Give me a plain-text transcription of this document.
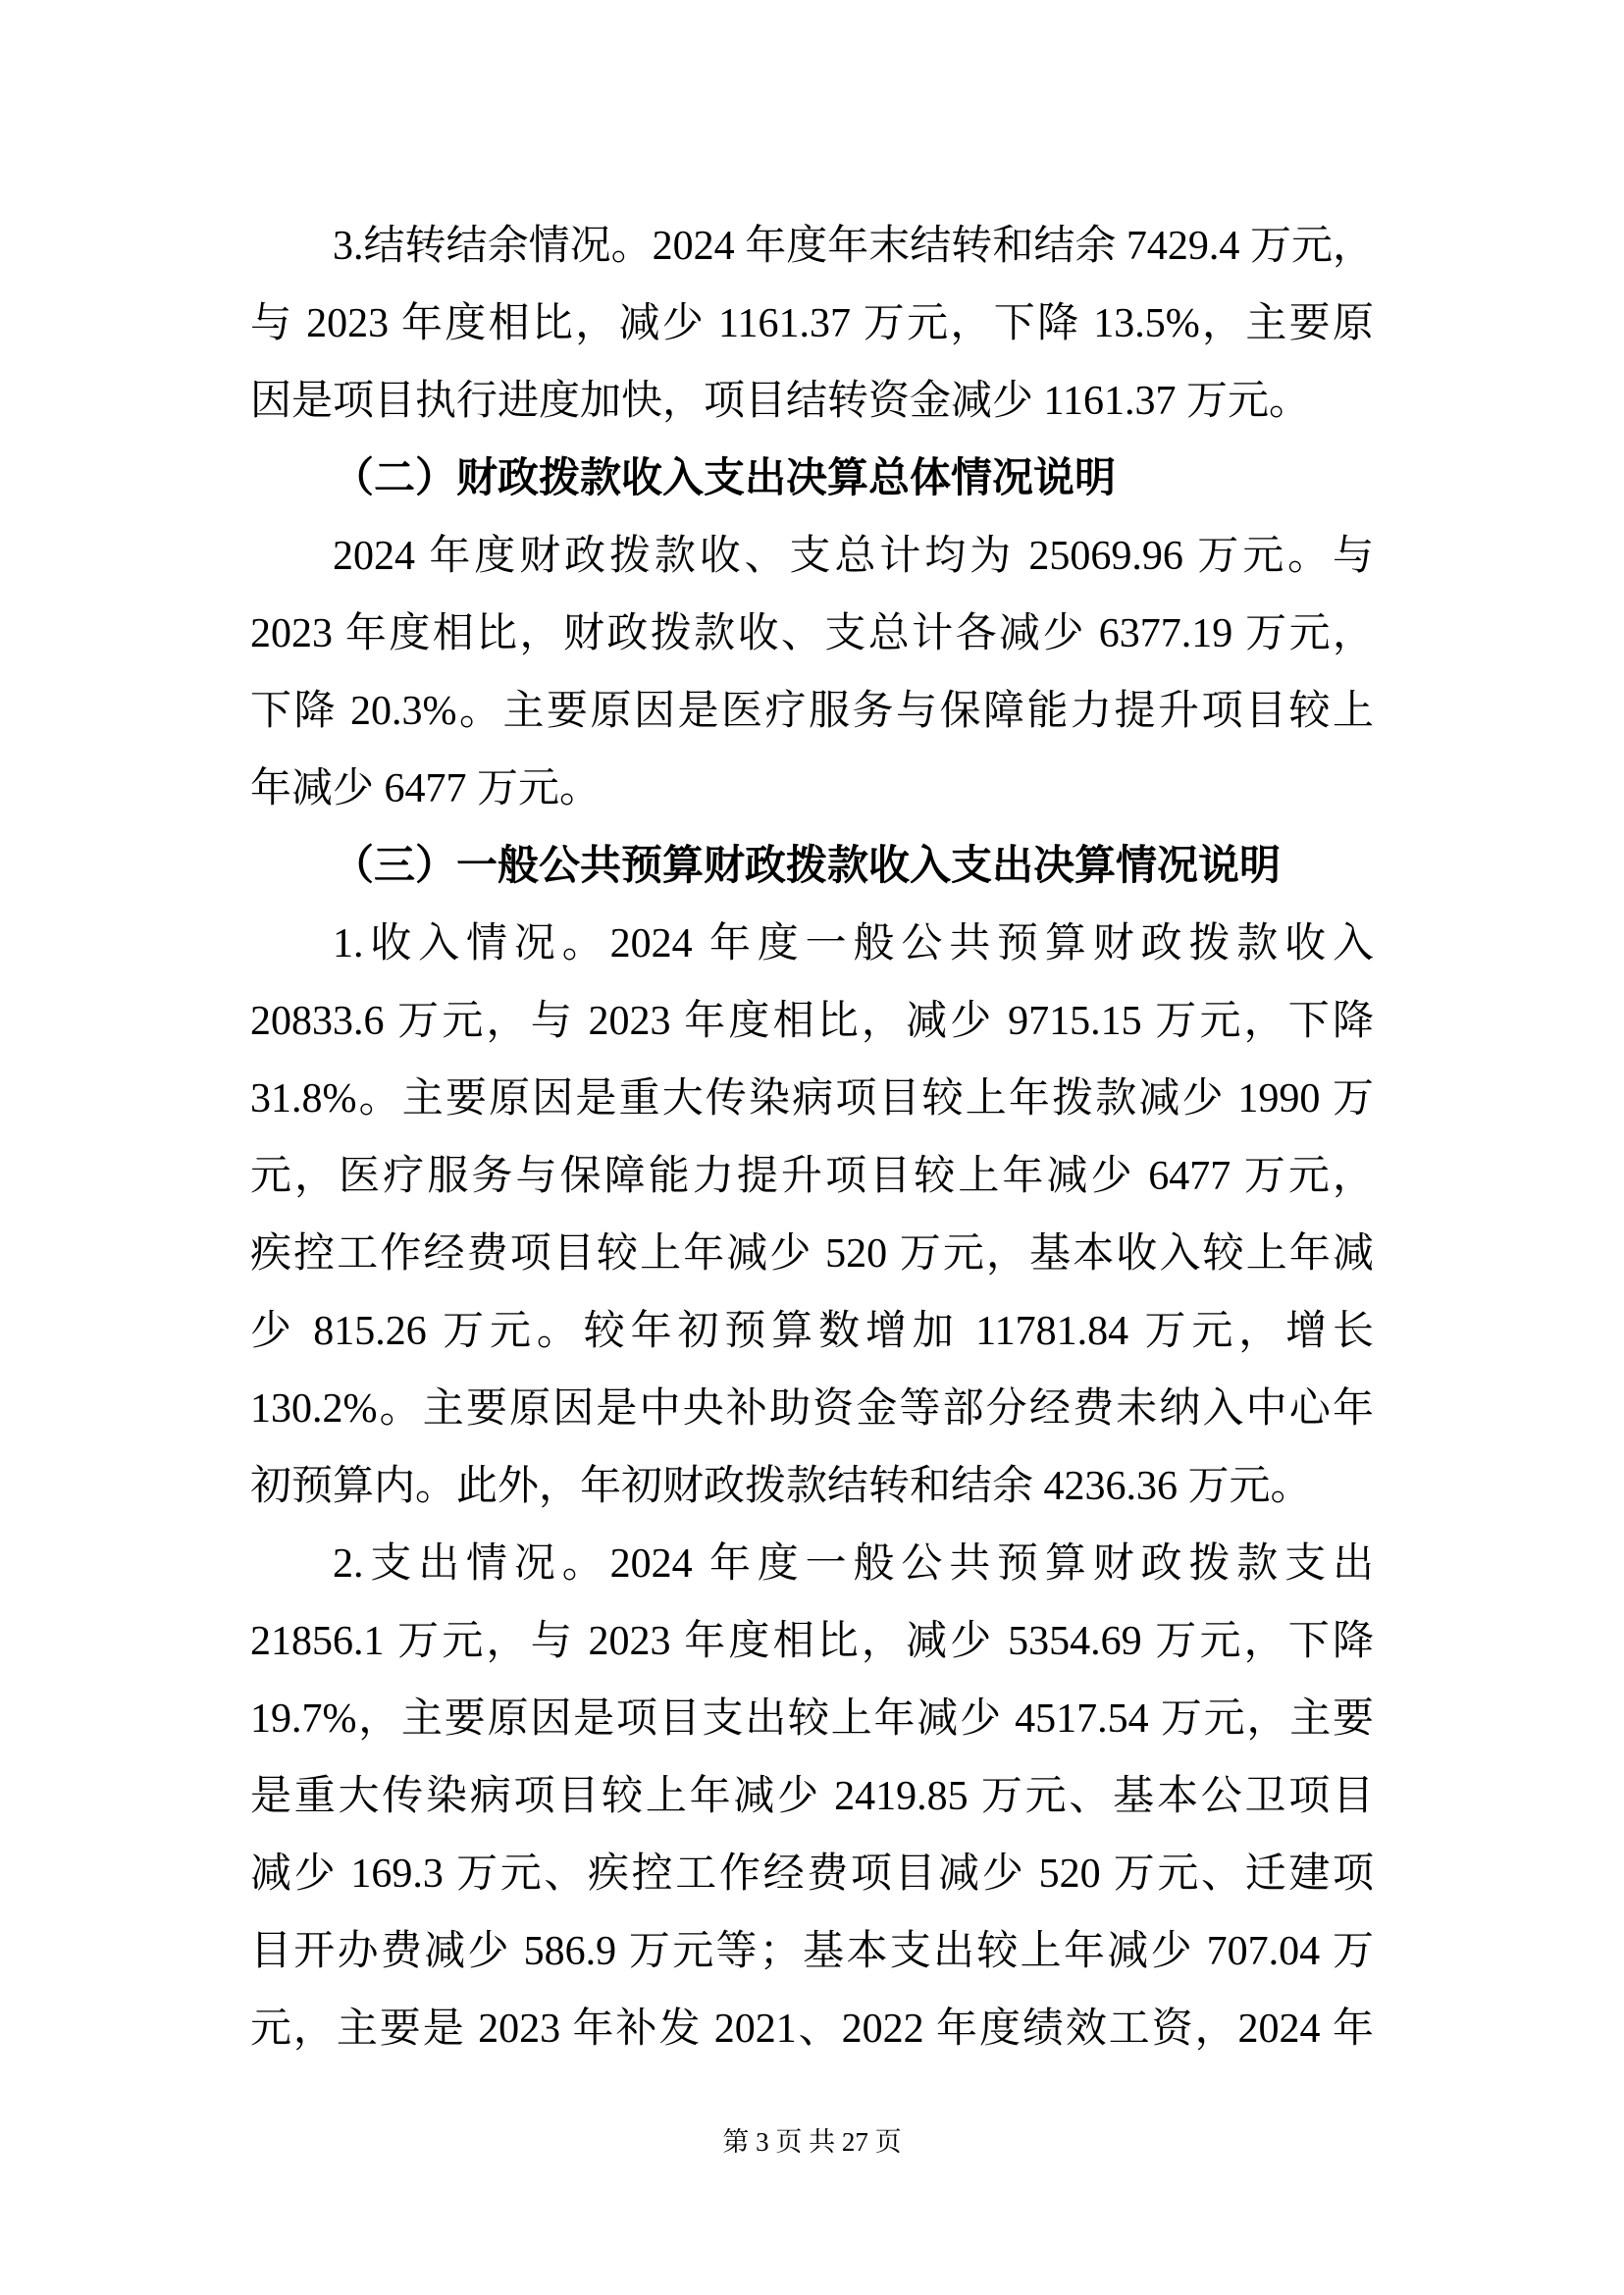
3.结转结余情况。2024 年度年末结转和结余 7429.4 万元，
与 2023 年度相比，减少 1161.37 万元，下降 13.5%，主要原
因是项目执行进度加快，项目结转资金减少 1161.37 万元。
（二）财政拨款收入支出决算总体情况说明
2024 年度财政拨款收、支总计均为 25069.96 万元。与
2023 年度相比，财政拨款收、支总计各减少 6377.19 万元，
下降 20.3%。主要原因是医疗服务与保障能力提升项目较上
年减少 6477 万元。
（三）一般公共预算财政拨款收入支出决算情况说明
1.收入情况。2024 年度一般公共预算财政拨款收入
20833.6 万元，与 2023 年度相比，减少 9715.15 万元，下降
31.8%。主要原因是重大传染病项目较上年拨款减少 1990 万
元，医疗服务与保障能力提升项目较上年减少 6477 万元，
疾控工作经费项目较上年减少 520 万元，基本收入较上年减
少 815.26 万元。较年初预算数增加 11781.84 万元，增长
130.2%。主要原因是中央补助资金等部分经费未纳入中心年
初预算内。此外，年初财政拨款结转和结余 4236.36 万元。
2.支出情况。2024 年度一般公共预算财政拨款支出
21856.1 万元，与 2023 年度相比，减少 5354.69 万元，下降
19.7%，主要原因是项目支出较上年减少 4517.54 万元，主要
是重大传染病项目较上年减少 2419.85 万元、基本公卫项目
减少 169.3 万元、疾控工作经费项目减少 520 万元、迁建项
目开办费减少 586.9 万元等；基本支出较上年减少 707.04 万
元，主要是 2023 年补发 2021、2022 年度绩效工资，2024 年
第 3 页 共 27 页
